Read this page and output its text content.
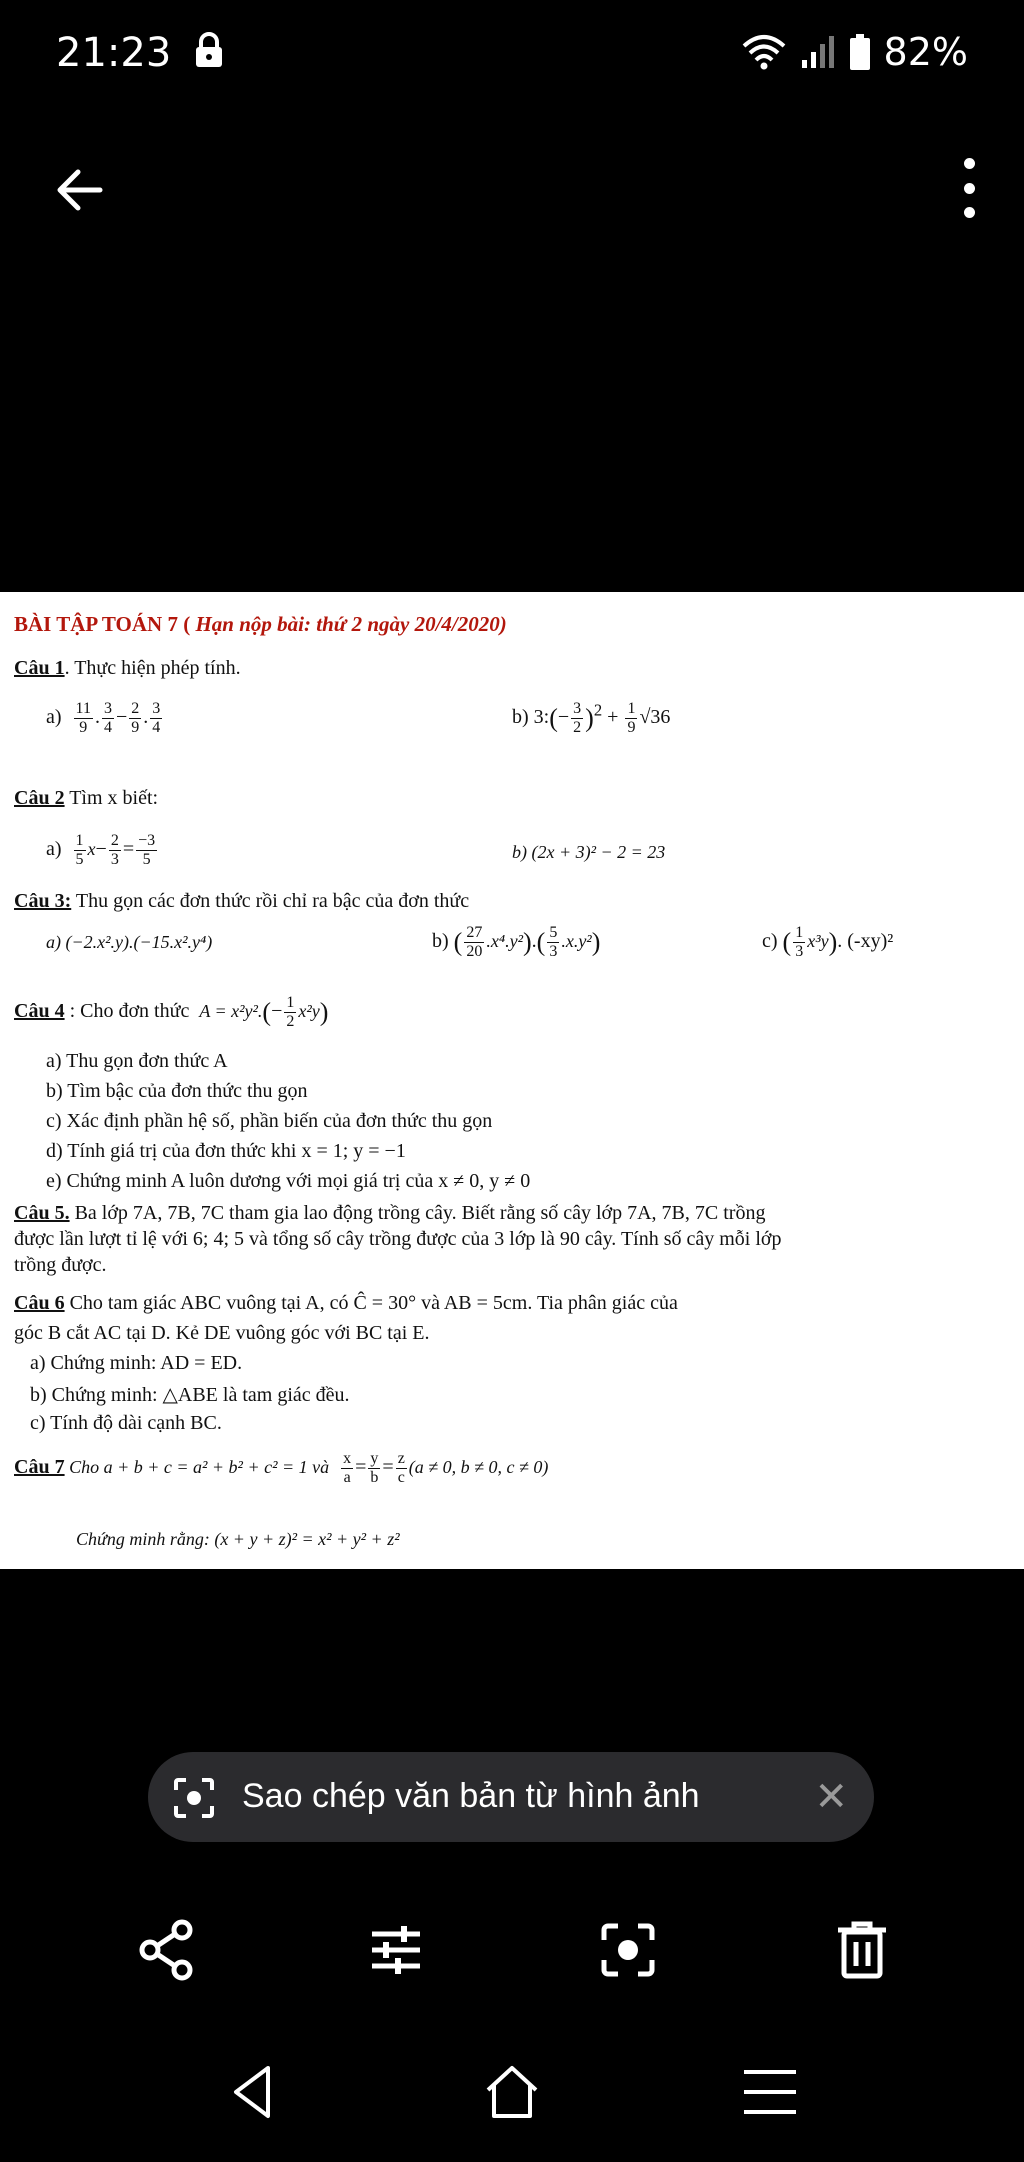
21:23	82%
BÀI TẬP TOÁN 7 ( Hạn nộp bài: thứ 2 ngày 20/4/2020)
Câu 1. Thực hiện phép tính.
$a) \frac{11}{9}$ . $\frac{3}{4} - \frac{2}{9}$ . $\frac{3}{4}$	b) 3:(− $\frac{3}{2} )^2 + \frac{1}{9} √36$
Câu 2 Tìm x biết:
$a) \frac{1}{5} x- \frac{2}{3} = \frac{-3}{5}$	b) (2x + 3)² − 2 = 23
Câu 3: Thu gọn các đơn thức rồi chỉ ra bậc của đơn thức
a) (−2.x².y).(−15.x².y⁴)	b) ( $\frac{27}{20} .x^4.y^2).( \frac{5}{3} .x.y^2)$	c) ( $\frac{1}{3} x^3y$). (-xy)²
Câu 4 : Cho đơn thức $A = x^2y^2.(- \frac{1}{2} x^2y)$
a) Thu gọn đơn thức A
b) Tìm bậc của đơn thức thu gọn
c) Xác định phần hệ số, phần biến của đơn thức thu gọn
d) Tính giá trị của đơn thức khi x = 1; y = −1
e) Chứng minh A luôn dương với mọi giá trị của x ≠ 0, y ≠ 0
Câu 5. Ba lớp 7A, 7B, 7C tham gia lao động trồng cây. Biết rằng số cây lớp 7A, 7B, 7C trồng
được lần lượt tỉ lệ với 6; 4; 5 và tổng số cây trồng được của 3 lớp là 90 cây. Tính số cây mỗi lớp
trồng được.
Câu 6 Cho tam giác ABC vuông tại A, có Ĉ = 30° và AB = 5cm. Tia phân giác của
góc B cắt AC tại D. Kẻ DE vuông góc với BC tại E.
a) Chứng minh: AD = ED.
b) Chứng minh: △ABE là tam giác đều.
c) Tính độ dài cạnh BC.
Câu 7 Cho a + b + c = a² + b² + c² = 1 và $\frac{x}{a} = \frac{y}{b} = \frac{z}{c} (a \ne 0$, b ≠ 0, c ≠ 0)
Chứng minh rằng: (x + y + z)² = x² + y² + z²
Sao chép văn bản từ hình ảnh	✕
